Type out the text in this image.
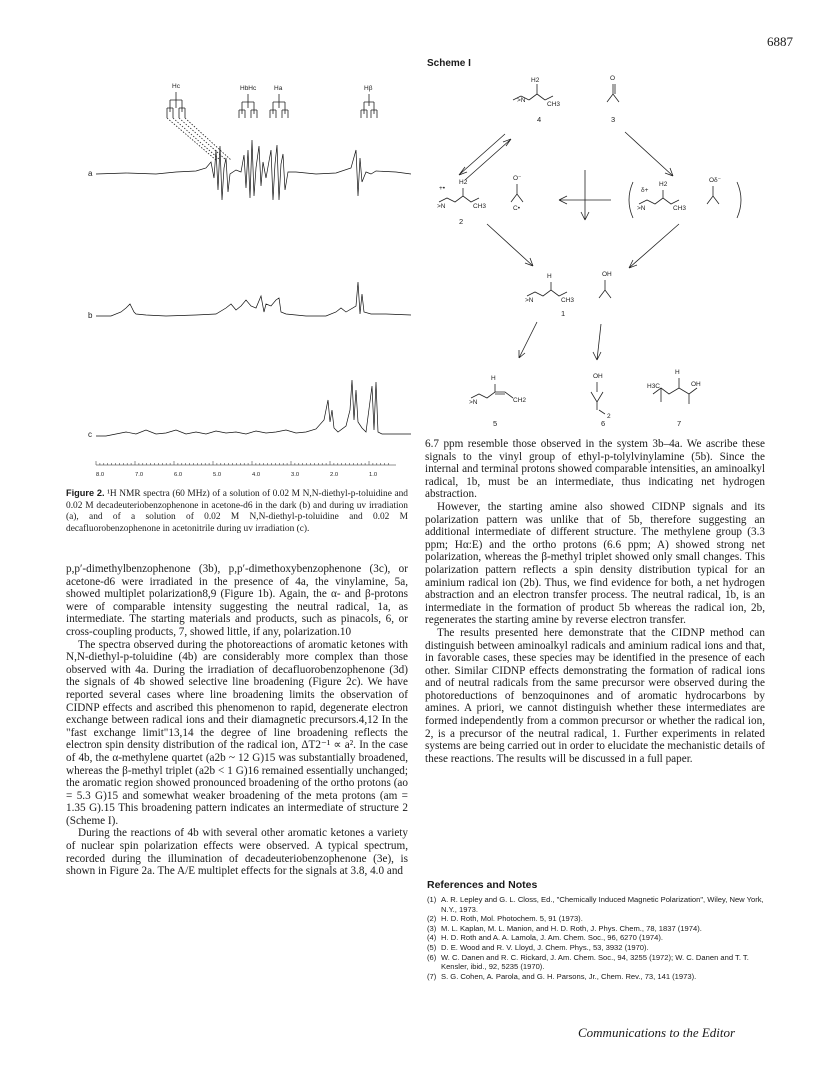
6887
Hc	HbHc	Ha	Hβ
a
b
c
8.0	7.0	6.0	5.0	4.0	3.0	2.0	1.0
Figure 2. ¹H NMR spectra (60 MHz) of a solution of 0.02 M N,N-diethyl-p-toluidine and 0.02 M decadeuteriobenzophenone in acetone-d6 in the dark (b) and during uv irradiation (a), and of a solution of 0.02 M N,N-diethyl-p-toluidine and 0.02 M decafluorobenzophenone in acetonitrile during uv irradiation (c).

p,p′-dimethylbenzophenone (3b), p,p′-dimethoxybenzophenone (3c), or acetone-d6 were irradiated in the presence of 4a, the vinylamine, 5a, showed multiplet polarization8,9 (Figure 1b). Again, the α- and β-protons were of comparable intensity suggesting the neutral radical, 1a, as intermediate. The starting materials and products, such as pinacols, 6, or cross-coupling products, 7, showed little, if any, polarization.10

The spectra observed during the photoreactions of aromatic ketones with N,N-diethyl-p-toluidine (4b) are considerably more complex than those observed with 4a. During the irradiation of decafluorobenzophenone (3d) the signals of 4b showed selective line broadening (Figure 2c). We have reported several cases where line broadening limits the observation of CIDNP effects and ascribed this phenomenon to rapid, degenerate electron exchange between radical ions and their diamagnetic precursors.4,12 In the "fast exchange limit"13,14 the degree of line broadening reflects the electron spin density distribution of the radical ion, ΔT2⁻¹ ∝ a². In the case of 4b, the α-methylene quartet (a2b ~ 12 G)15 was substantially broadened, whereas the β-methyl triplet (a2b < 1 G)16 remained essentially unchanged; the aromatic region showed pronounced broadening of the ortho protons (ao = 5.3 G)15 and somewhat weaker broadening of the meta protons (am = 1.35 G).15 This broadening pattern indicates an intermediate of structure 2 (Scheme I).

During the reactions of 4b with several other aromatic ketones a variety of nuclear spin polarization effects were observed. A typical spectrum, recorded during the illumination of decadeuteriobenzophenone (3e), is shown in Figure 2a. The A/E multiplet effects for the signals at 3.8, 4.0 and

Scheme I
>N
H2
CH3
O
+•
>N
H2
CH3
O⁻
C•
δ+
>N
H2
CH3
Oδ⁻
H
>N	CH3
OH
H
>N	CH2
OH
2
H3C
H
OH
4	3
2
1
5	6	7

6.7 ppm resemble those observed in the system 3b–4a. We ascribe these signals to the vinyl group of ethyl-p-tolylvinylamine (5b). Since the internal and terminal protons showed comparable intensities, an aminoalkyl radical, 1b, must be an intermediate, thus indicating net hydrogen abstraction.

However, the starting amine also showed CIDNP signals and its polarization pattern was unlike that of 5b, therefore suggesting an additional intermediate of different structure. The methylene group (3.3 ppm; Hα:E) and the ortho protons (6.6 ppm; A) showed strong net polarization, whereas the β-methyl triplet showed only small changes. This polarization pattern reflects a spin density distribution typical for an aminium radical ion (2b). Thus, we find evidence for both, a net hydrogen abstraction and an electron transfer process. The neutral radical, 1b, is an intermediate in the formation of product 5b whereas the radical ion, 2b, regenerates the starting amine by reverse electron transfer.

The results presented here demonstrate that the CIDNP method can distinguish between aminoalkyl radicals and aminium radical ions and that, in favorable cases, these species may be identified in the presence of each other. Similar CIDNP effects demonstrating the formation of radical ions and of neutral radicals from the same precursor were observed during the photoreductions of benzoquinones and of aromatic hydrocarbons by amines. A priori, we cannot distinguish whether these intermediates are formed independently from a common precursor or whether the radical ion, 2, is a precursor of the neutral radical, 1. Further experiments in related systems are being carried out in order to elucidate the mechanistic details of these reactions. The results will be discussed in a full paper.

References and Notes
(1) A. R. Lepley and G. L. Closs, Ed., "Chemically Induced Magnetic Polarization", Wiley, New York, N.Y., 1973.
(2) H. D. Roth, Mol. Photochem. 5, 91 (1973).
(3) M. L. Kaplan, M. L. Manion, and H. D. Roth, J. Phys. Chem., 78, 1837 (1974).
(4) H. D. Roth and A. A. Lamola, J. Am. Chem. Soc., 96, 6270 (1974).
(5) D. E. Wood and R. V. Lloyd, J. Chem. Phys., 53, 3932 (1970).
(6) W. C. Danen and R. C. Rickard, J. Am. Chem. Soc., 94, 3255 (1972); W. C. Danen and T. T. Kensler, ibid., 92, 5235 (1970).
(7) S. G. Cohen, A. Parola, and G. H. Parsons, Jr., Chem. Rev., 73, 141 (1973).
Communications to the Editor
